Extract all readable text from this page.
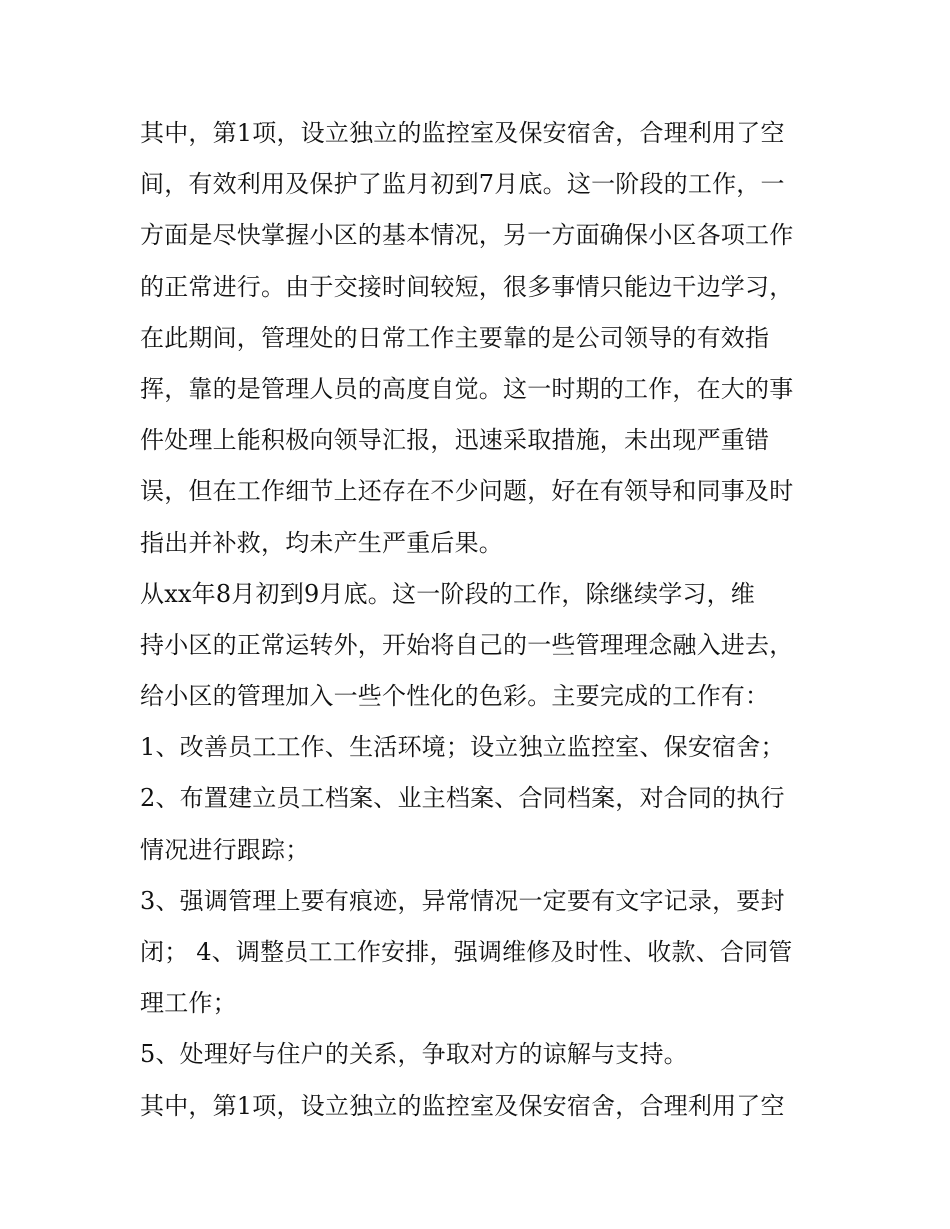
其中，第1项，设立独立的监控室及保安宿舍，合理利用了空
间，有效利用及保护了监月初到7月底。这一阶段的工作，一
方面是尽快掌握小区的基本情况，另一方面确保小区各项工作
的正常进行。由于交接时间较短，很多事情只能边干边学习，
在此期间，管理处的日常工作主要靠的是公司领导的有效指
挥，靠的是管理人员的高度自觉。这一时期的工作，在大的事
件处理上能积极向领导汇报，迅速采取措施，未出现严重错
误，但在工作细节上还存在不少问题，好在有领导和同事及时
指出并补救，均未产生严重后果。
从xx年8月初到9月底。这一阶段的工作，除继续学习，维
持小区的正常运转外，开始将自己的一些管理理念融入进去，
给小区的管理加入一些个性化的色彩。主要完成的工作有：
1、改善员工工作、生活环境；设立独立监控室、保安宿舍；
2、布置建立员工档案、业主档案、合同档案，对合同的执行
情况进行跟踪；
3、强调管理上要有痕迹，异常情况一定要有文字记录，要封
闭； 4、调整员工工作安排，强调维修及时性、收款、合同管
理工作；
5、处理好与住户的关系，争取对方的谅解与支持。
其中，第1项，设立独立的监控室及保安宿舍，合理利用了空
